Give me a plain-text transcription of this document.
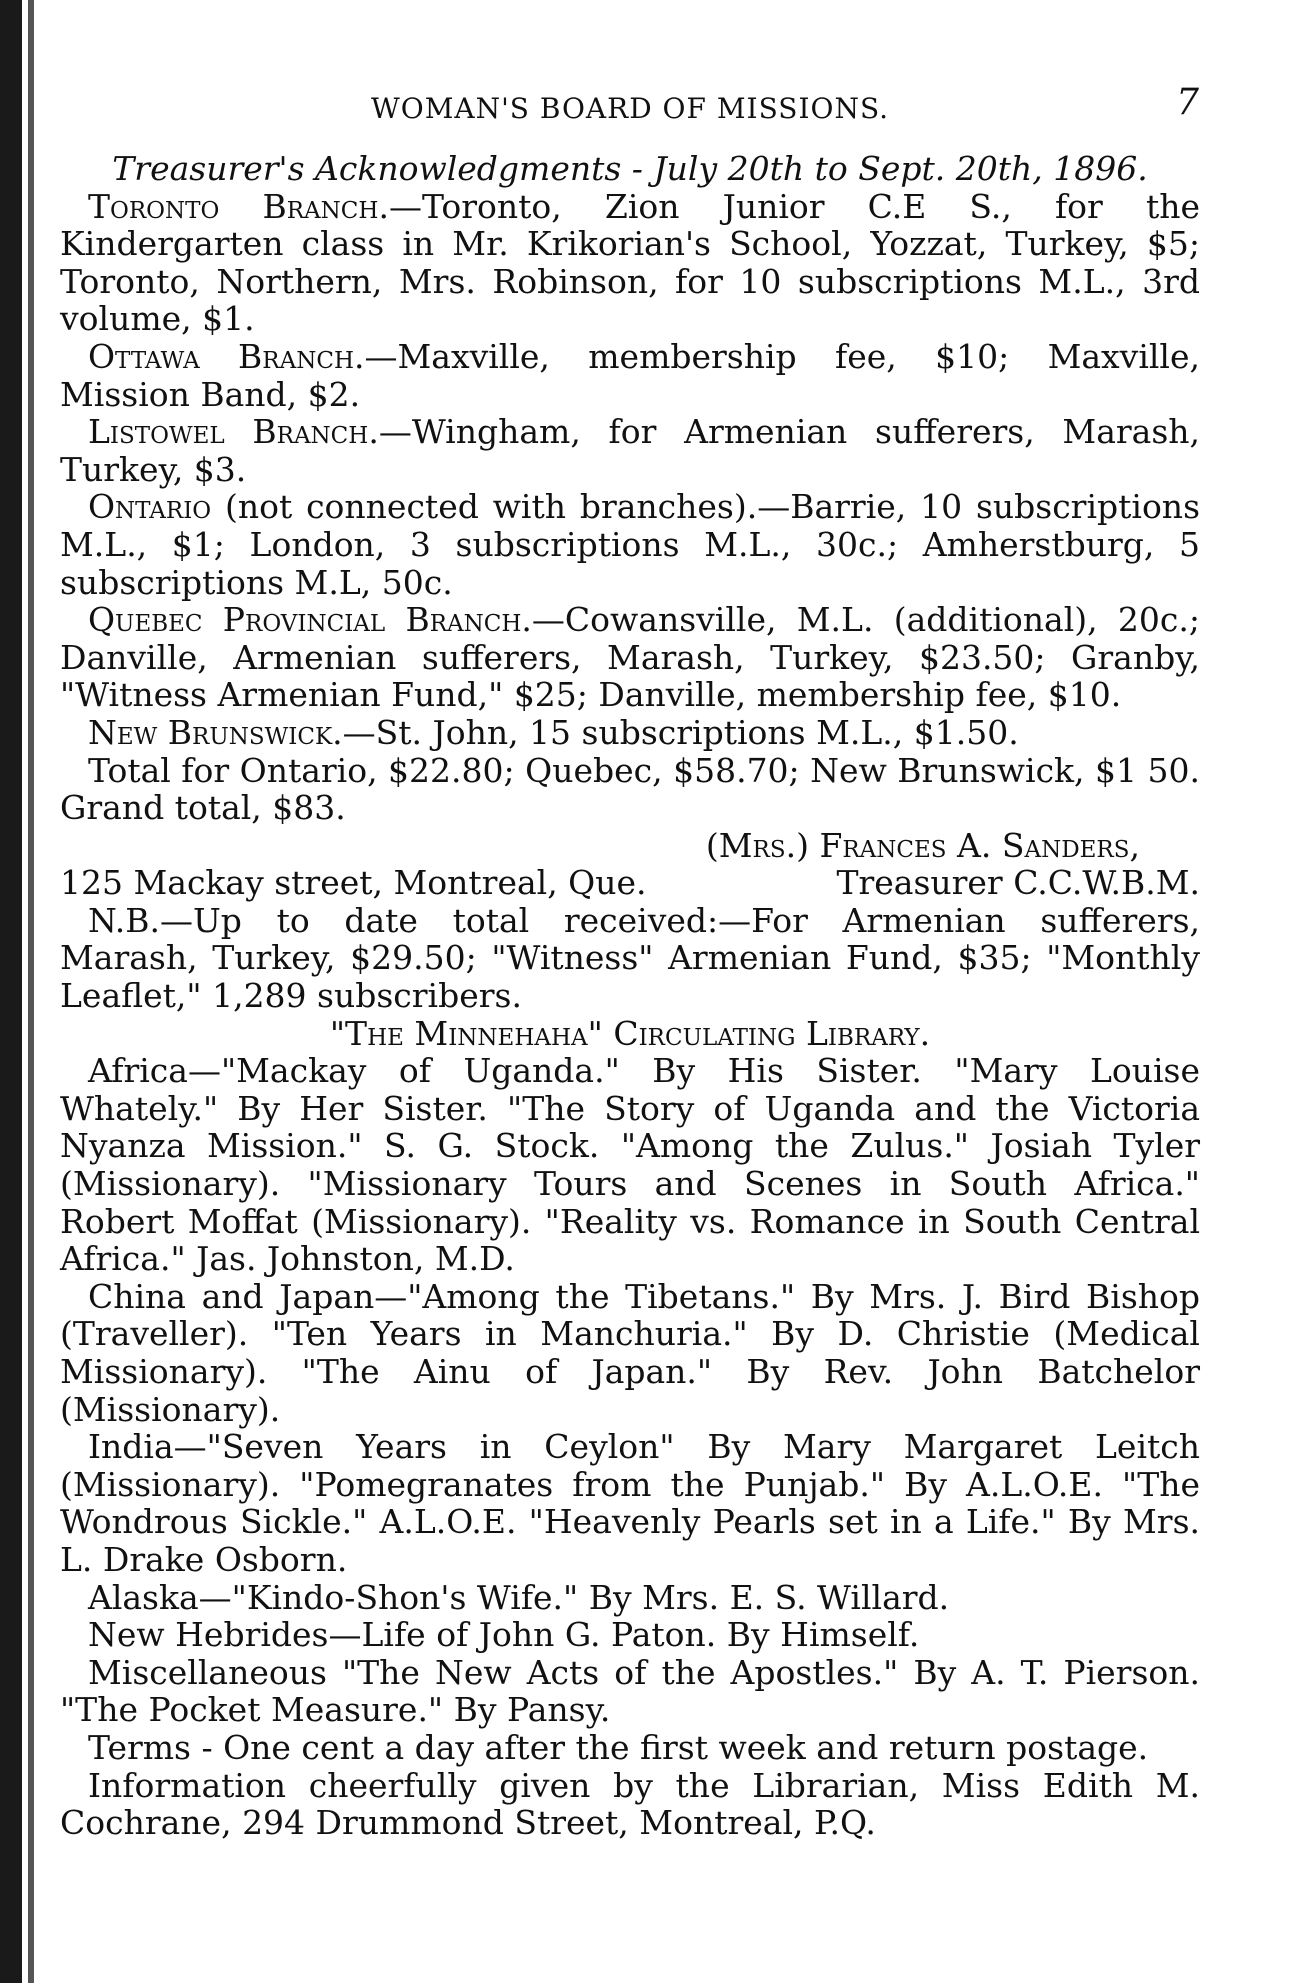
WOMAN'S BOARD OF MISSIONS.	7
Treasurer's Acknowledgments - July 20th to Sept. 20th, 1896.

Toronto Branch.—Toronto, Zion Junior C.E S., for the Kindergarten class in Mr. Krikorian's School, Yozzat, Turkey, $5; Toronto, Northern, Mrs. Robinson, for 10 subscriptions M.L., 3rd volume, $1.

Ottawa Branch.—Maxville, membership fee, $10; Maxville, Mission Band, $2.

Listowel Branch.—Wingham, for Armenian sufferers, Marash, Turkey, $3.

Ontario (not connected with branches).—Barrie, 10 subscriptions M.L., $1; London, 3 subscriptions M.L., 30c.; Amherstburg, 5 subscriptions M.L, 50c.

Quebec Provincial Branch.—Cowansville, M.L. (additional), 20c.; Danville, Armenian sufferers, Marash, Turkey, $23.50; Granby, "Witness Armenian Fund," $25; Danville, membership fee, $10.

New Brunswick.—St. John, 15 subscriptions M.L., $1.50.

Total for Ontario, $22.80; Quebec, $58.70; New Brunswick, $1 50. Grand total, $83.

(Mrs.) Frances A. Sanders,

125 Mackay street, Montreal, Que.	Treasurer C.C.W.B.M.

N.B.—Up to date total received:—For Armenian sufferers, Marash, Turkey, $29.50; "Witness" Armenian Fund, $35; "Monthly Leaflet," 1,289 subscribers.

"The Minnehaha" Circulating Library.

Africa—"Mackay of Uganda." By His Sister. "Mary Louise Whately." By Her Sister. "The Story of Uganda and the Victoria Nyanza Mission." S. G. Stock. "Among the Zulus." Josiah Tyler (Missionary). "Missionary Tours and Scenes in South Africa." Robert Moffat (Missionary). "Reality vs. Romance in South Central Africa." Jas. Johnston, M.D.

China and Japan—"Among the Tibetans." By Mrs. J. Bird Bishop (Traveller). "Ten Years in Manchuria." By D. Christie (Medical Missionary). "The Ainu of Japan." By Rev. John Batchelor (Missionary).

India—"Seven Years in Ceylon" By Mary Margaret Leitch (Missionary). "Pomegranates from the Punjab." By A.L.O.E. "The Wondrous Sickle." A.L.O.E. "Heavenly Pearls set in a Life." By Mrs. L. Drake Osborn.

Alaska—"Kindo-Shon's Wife." By Mrs. E. S. Willard.

New Hebrides—Life of John G. Paton. By Himself.

Miscellaneous "The New Acts of the Apostles." By A. T. Pierson. "The Pocket Measure." By Pansy.

Terms - One cent a day after the first week and return postage.

Information cheerfully given by the Librarian, Miss Edith M. Cochrane, 294 Drummond Street, Montreal, P.Q.
